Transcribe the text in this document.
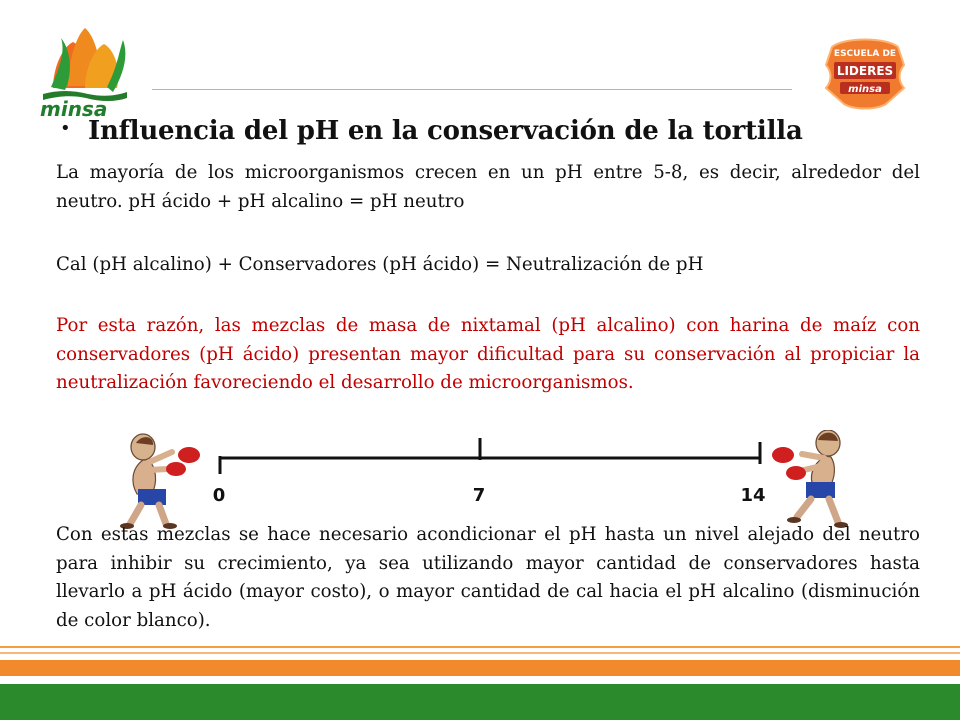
minsa
ESCUELA DE
LIDERES
minsa
• Influencia del pH en la conservación de la tortilla

La mayoría de los microorganismos crecen en un pH entre 5-8, es decir, alrededor del neutro. pH ácido + pH alcalino = pH neutro

Cal (pH alcalino) + Conservadores (pH ácido) = Neutralización de pH

Por esta razón, las mezclas de masa de nixtamal (pH alcalino) con harina de maíz con conservadores (pH ácido) presentan mayor dificultad para su conservación al propiciar la neutralización favoreciendo el desarrollo de microorganismos.

0	7	14

Con estas mezclas se hace necesario acondicionar el pH hasta un nivel alejado del neutro para inhibir su crecimiento, ya sea utilizando mayor cantidad de conservadores hasta llevarlo a pH ácido (mayor costo), o mayor cantidad de cal hacia el pH alcalino (disminución de color blanco).
